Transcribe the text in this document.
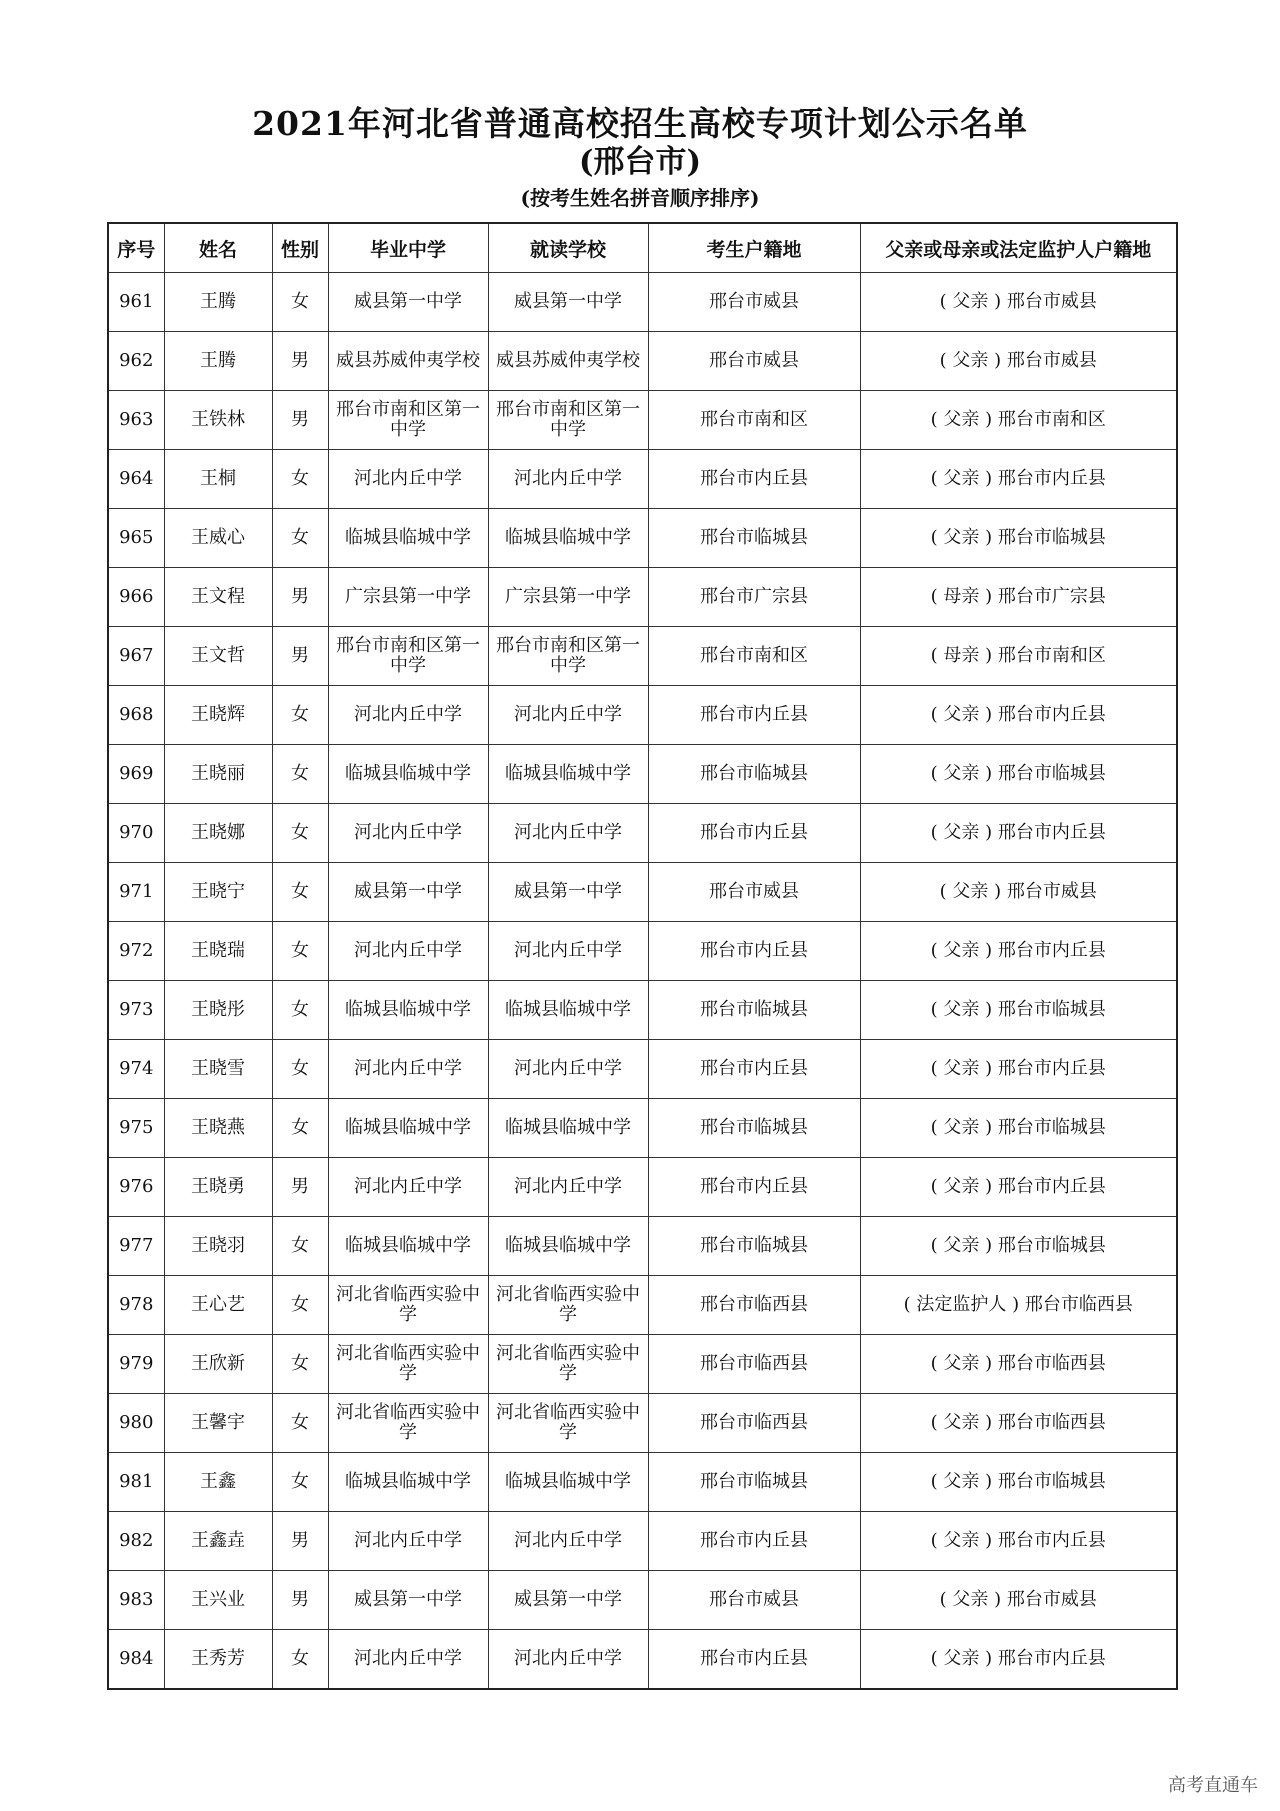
2021年河北省普通高校招生高校专项计划公示名单
(邢台市)
(按考生姓名拼音顺序排序)
序号	姓名	性别	毕业中学	就读学校	考生户籍地	父亲或母亲或法定监护人户籍地
961	王腾	女	威县第一中学	威县第一中学	邢台市威县	( 父亲 ) 邢台市威县
962	王腾	男	威县苏威仲夷学校	威县苏威仲夷学校	邢台市威县	( 父亲 ) 邢台市威县
963	王铁林	男	邢台市南和区第一中学	邢台市南和区第一中学	邢台市南和区	( 父亲 ) 邢台市南和区
964	王桐	女	河北内丘中学	河北内丘中学	邢台市内丘县	( 父亲 ) 邢台市内丘县
965	王威心	女	临城县临城中学	临城县临城中学	邢台市临城县	( 父亲 ) 邢台市临城县
966	王文程	男	广宗县第一中学	广宗县第一中学	邢台市广宗县	( 母亲 ) 邢台市广宗县
967	王文哲	男	邢台市南和区第一中学	邢台市南和区第一中学	邢台市南和区	( 母亲 ) 邢台市南和区
968	王晓辉	女	河北内丘中学	河北内丘中学	邢台市内丘县	( 父亲 ) 邢台市内丘县
969	王晓丽	女	临城县临城中学	临城县临城中学	邢台市临城县	( 父亲 ) 邢台市临城县
970	王晓娜	女	河北内丘中学	河北内丘中学	邢台市内丘县	( 父亲 ) 邢台市内丘县
971	王晓宁	女	威县第一中学	威县第一中学	邢台市威县	( 父亲 ) 邢台市威县
972	王晓瑞	女	河北内丘中学	河北内丘中学	邢台市内丘县	( 父亲 ) 邢台市内丘县
973	王晓彤	女	临城县临城中学	临城县临城中学	邢台市临城县	( 父亲 ) 邢台市临城县
974	王晓雪	女	河北内丘中学	河北内丘中学	邢台市内丘县	( 父亲 ) 邢台市内丘县
975	王晓燕	女	临城县临城中学	临城县临城中学	邢台市临城县	( 父亲 ) 邢台市临城县
976	王晓勇	男	河北内丘中学	河北内丘中学	邢台市内丘县	( 父亲 ) 邢台市内丘县
977	王晓羽	女	临城县临城中学	临城县临城中学	邢台市临城县	( 父亲 ) 邢台市临城县
978	王心艺	女	河北省临西实验中学	河北省临西实验中学	邢台市临西县	( 法定监护人 ) 邢台市临西县
979	王欣新	女	河北省临西实验中学	河北省临西实验中学	邢台市临西县	( 父亲 ) 邢台市临西县
980	王馨宇	女	河北省临西实验中学	河北省临西实验中学	邢台市临西县	( 父亲 ) 邢台市临西县
981	王鑫	女	临城县临城中学	临城县临城中学	邢台市临城县	( 父亲 ) 邢台市临城县
982	王鑫垚	男	河北内丘中学	河北内丘中学	邢台市内丘县	( 父亲 ) 邢台市内丘县
983	王兴业	男	威县第一中学	威县第一中学	邢台市威县	( 父亲 ) 邢台市威县
984	王秀芳	女	河北内丘中学	河北内丘中学	邢台市内丘县	( 父亲 ) 邢台市内丘县
高考直通车
